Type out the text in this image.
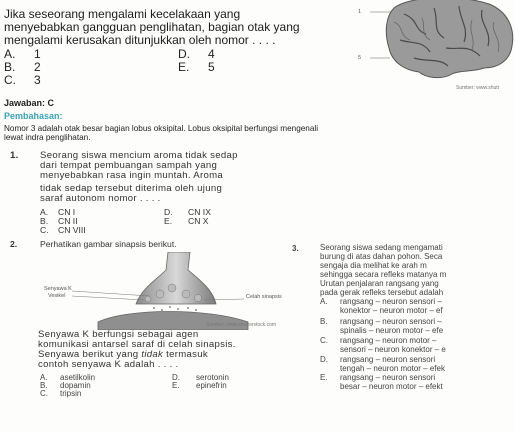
Jika seseorang mengalami kecelakaan yang
menyebabkan gangguan penglihatan, bagian otak yang
mengalami kerusakan ditunjukkan oleh nomor . . . .
A. 1
B. 2
C. 3
D. 4
E. 5
1
5
Sumber: www.shutt
Jawaban: C
Pembahasan:
Nomor 3 adalah otak besar bagian lobus oksipital. Lobus oksipital berfungsi mengenali
lewat indra penglihatan.
1. Seorang siswa mencium aroma tidak sedap
dari tempat pembuangan sampah yang
menyebabkan rasa ingin muntah. Aroma
tidak sedap tersebut diterima oleh ujung
saraf autonom nomor . . . .
A. CN I
B. CN II
C. CN VIII
D. CN IX
E. CN X
2.	Perhatikan gambar sinapsis berikut.
Senyawa K
Vesikel	Celah sinapsis
Sumber: www.shutterstock.com
Senyawa K berfungsi sebagai agen
komunikasi antarsel saraf di celah sinapsis.
Senyawa berikut yang tidak termasuk
contoh senyawa K adalah . . . .
A. asetilkolin
B. dopamin
C. tripsin
D. serotonin
E. epinefrin
3.	Seorang siswa sedang mengamati
burung di atas dahan pohon. Seca
sengaja dia melihat ke arah m
sehingga secara refleks matanya m
Urutan penjalaran rangsang yang
pada gerak refleks tersebut adalah
A. rangsang – neuron sensori –
konektor – neuron motor – ef
B. rangsang – neuron sensori –
spinalis – neuron motor – efe
C. rangsang – neuron motor –
sensori – neuron konektor – e
D. rangsang – neuron sensori
tengah – neuron motor – efek
E. rangsang – neuron sensori
besar – neuron motor – efekt
